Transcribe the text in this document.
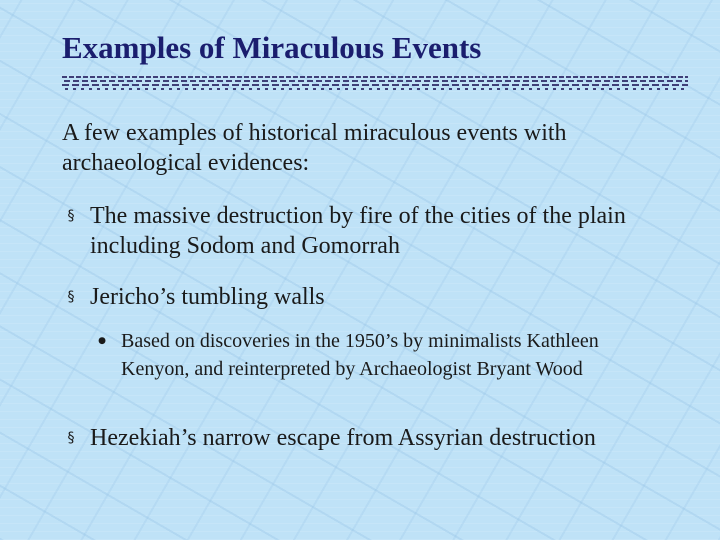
Examples of Miraculous Events
A few examples of historical miraculous events with archaeological evidences:
§ The massive destruction by fire of the cities of the plain including Sodom and Gomorrah
§ Jericho’s tumbling walls
● Based on discoveries in the 1950’s by minimalists Kathleen Kenyon, and reinterpreted by Archaeologist Bryant Wood
§ Hezekiah’s narrow escape from Assyrian destruction
